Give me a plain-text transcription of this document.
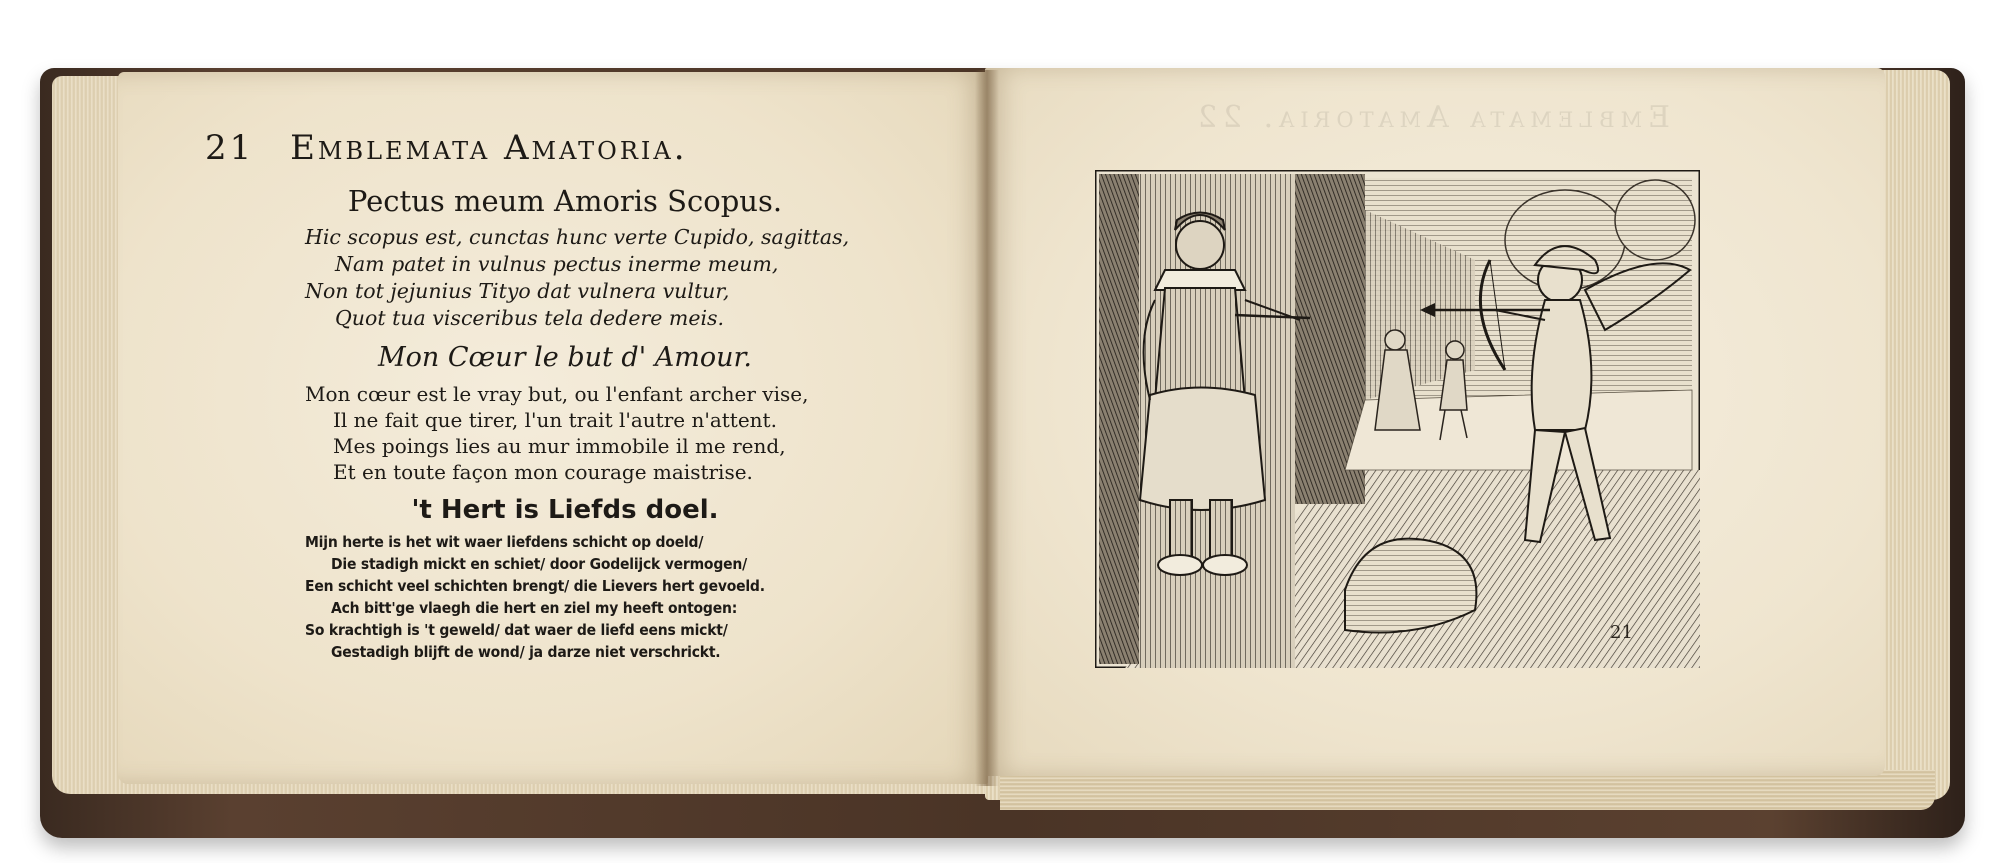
21 Emblemata Amatoria.
Pectus meum Amoris Scopus.
Hic scopus est, cunctas hunc verte Cupido, sagittas,
Nam patet in vulnus pectus inerme meum,
Non tot jejunius Tityo dat vulnera vultur,
Quot tua visceribus tela dedere meis.
Mon Cœur le but d' Amour.
Mon cœur est le vray but, ou l'enfant archer vise,
Il ne fait que tirer, l'un trait l'autre n'attent.
Mes poings lies au mur immobile il me rend,
Et en toute façon mon courage maistrise.
't Hert is Liefds doel.
Mijn herte is het wit waer liefdens schicht op doeld/
Die stadigh mickt en schiet/ door Godelijck vermogen/
Een schicht veel schichten brengt/ die Lievers hert gevoeld.
Ach bitt'ge vlaegh die hert en ziel my heeft ontogen:
So krachtigh is 't geweld/ dat waer de liefd eens mickt/
Gestadigh blijft de wond/ ja darze niet verschrickt.
Emblemata Amatoria. 22
21
